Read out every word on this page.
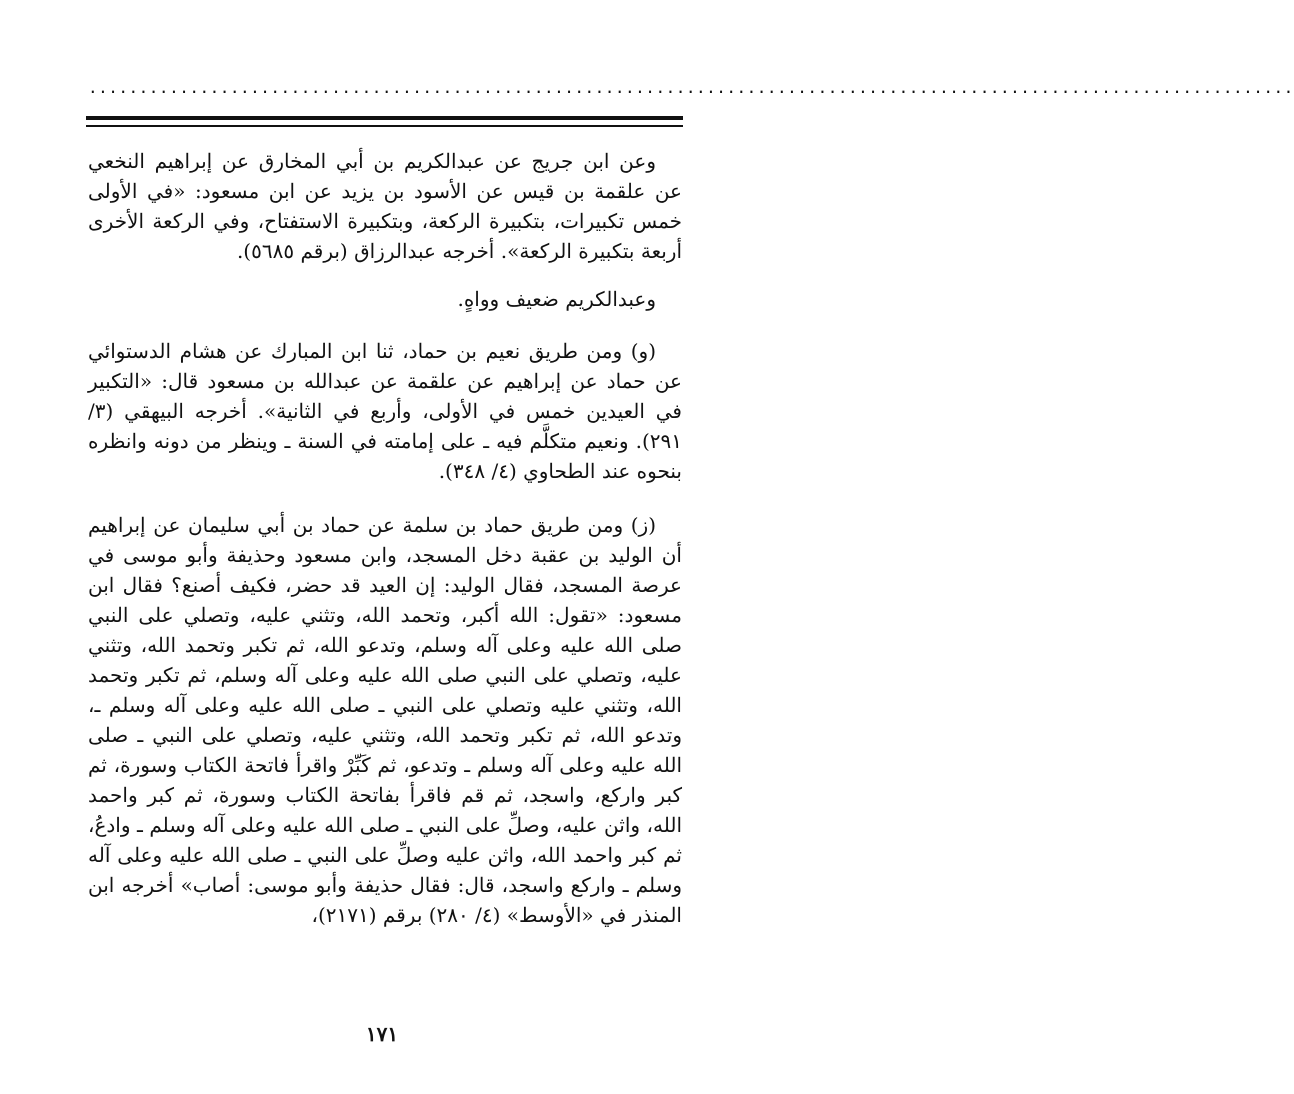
.......................................................................................................................

وعن ابن جريج عن عبدالكريم بن أبي المخارق عن إبراهيم النخعي عن علقمة بن قيس عن الأسود بن يزيد عن ابن مسعود: «في الأولى خمس تكبيرات، بتكبيرة الركعة، وبتكبيرة الاستفتاح، وفي الركعة الأخرى أربعة بتكبيرة الركعة». أخرجه عبدالرزاق (برقم ٥٦٨٥).

وعبدالكريم ضعيف وواهٍ.

(و) ومن طريق نعيم بن حماد، ثنا ابن المبارك عن هشام الدستوائي عن حماد عن إبراهيم عن علقمة عن عبدالله بن مسعود قال: «التكبير في العيدين خمس في الأولى، وأربع في الثانية». أخرجه البيهقي (٣/ ٢٩١). ونعيم متكلَّم فيه ـ على إمامته في السنة ـ وينظر من دونه وانظره بنحوه عند الطحاوي (٤/ ٣٤٨).

(ز) ومن طريق حماد بن سلمة عن حماد بن أبي سليمان عن إبراهيم أن الوليد بن عقبة دخل المسجد، وابن مسعود وحذيفة وأبو موسى في عرصة المسجد، فقال الوليد: إن العيد قد حضر، فكيف أصنع؟ فقال ابن مسعود: «تقول: الله أكبر، وتحمد الله، وتثني عليه، وتصلي على النبي صلى الله عليه وعلى آله وسلم، وتدعو الله، ثم تكبر وتحمد الله، وتثني عليه، وتصلي على النبي صلى الله عليه وعلى آله وسلم، ثم تكبر وتحمد الله، وتثني عليه وتصلي على النبي ـ صلى الله عليه وعلى آله وسلم ـ، وتدعو الله، ثم تكبر وتحمد الله، وتثني عليه، وتصلي على النبي ـ صلى الله عليه وعلى آله وسلم ـ وتدعو، ثم كَبِّرْ واقرأ فاتحة الكتاب وسورة، ثم كبر واركع، واسجد، ثم قم فاقرأ بفاتحة الكتاب وسورة، ثم كبر واحمد الله، واثن عليه، وصلِّ على النبي ـ صلى الله عليه وعلى آله وسلم ـ وادعُ، ثم كبر واحمد الله، واثن عليه وصلِّ على النبي ـ صلى الله عليه وعلى آله وسلم ـ واركع واسجد، قال: فقال حذيفة وأبو موسى: أصاب» أخرجه ابن المنذر في «الأوسط» (٤/ ٢٨٠) برقم (٢١٧١)،

١٧١
